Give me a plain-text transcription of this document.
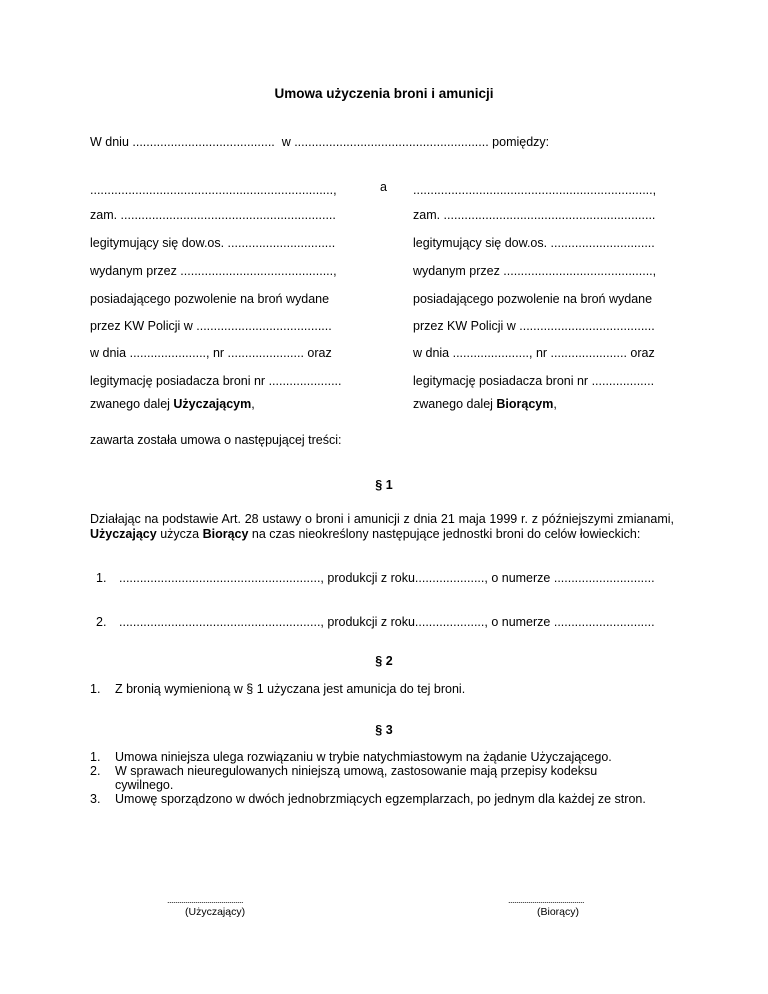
Umowa użyczenia broni i amunicji
W dniu .........................................  w ........................................................ pomiędzy:
......................................................................,	a
zam. ..............................................................
legitymujący się dow.os. ...............................
wydanym przez ............................................,
posiadającego pozwolenie na broń wydane
przez KW Policji w .......................................
w dnia ......................, nr ...................... oraz
legitymację posiadacza broni nr .....................
zwanego dalej Użyczającym,
.....................................................................,
zam. .............................................................
legitymujący się dow.os. ..............................
wydanym przez ...........................................,
posiadającego pozwolenie na broń wydane
przez KW Policji w .......................................
w dnia ......................, nr ...................... oraz
legitymację posiadacza broni nr ..................
zwanego dalej Biorącym,
zawarta została umowa o następującej treści:
§ 1
Działając na podstawie Art. 28 ustawy o broni i amunicji z dnia 21 maja 1999 r. z późniejszymi zmianami, Użyczający użycza Biorący na czas nieokreślony następujące jednostki broni do celów łowieckich:
1. .........................................................., produkcji z roku...................., o numerze .............................
2. .........................................................., produkcji z roku...................., o numerze .............................
§ 2
1. Z bronią wymienioną w § 1 użyczana jest amunicja do tej broni.
§ 3
1. Umowa niniejsza ulega rozwiązaniu w trybie natychmiastowym na żądanie Użyczającego.
2. W sprawach nieuregulowanych niniejszą umową, zastosowanie mają przepisy kodeksu
cywilnego.
3. Umowę sporządzono w dwóch jednobrzmiących egzemplarzach, po jednym dla każdej ze stron.
......................................
(Użyczający)
......................................
(Biorący)
